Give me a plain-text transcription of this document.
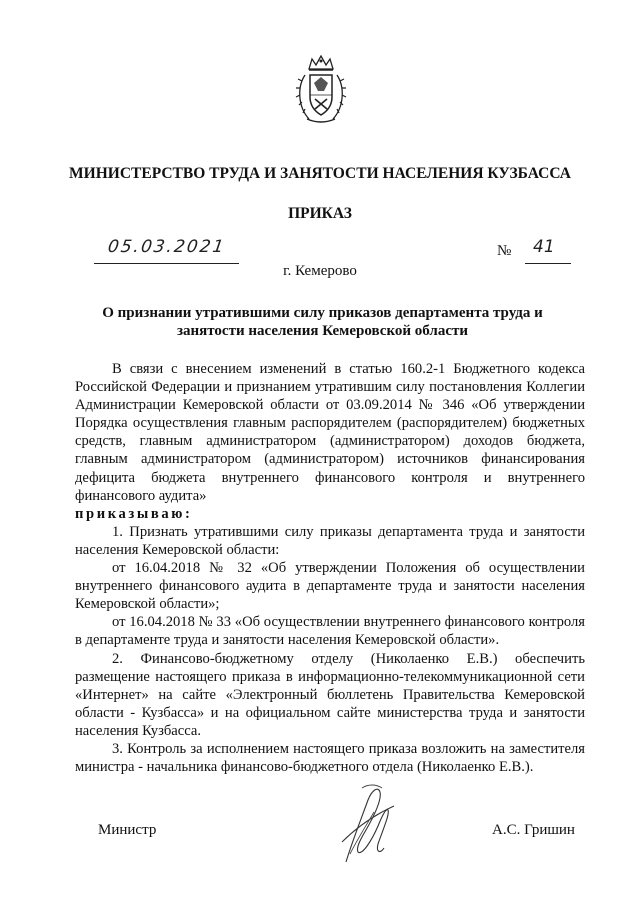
МИНИСТЕРСТВО ТРУДА И ЗАНЯТОСТИ НАСЕЛЕНИЯ КУЗБАССА
ПРИКАЗ
05.03.2021	№ 41
г. Кемерово
О признании утратившими силу приказов департамента труда и занятости населения Кемеровской области

В связи с внесением изменений в статью 160.2-1 Бюджетного кодекса Российской Федерации и признанием утратившим силу постановления Коллегии Администрации Кемеровской области от 03.09.2014 № 346 «Об утверждении Порядка осуществления главным распорядителем (распорядителем) бюджетных средств, главным администратором (администратором) доходов бюджета, главным администратором (администратором) источников финансирования дефицита бюджета внутреннего финансового контроля и внутреннего финансового аудита»

приказываю:

1. Признать утратившими силу приказы департамента труда и занятости населения Кемеровской области:

от 16.04.2018 № 32 «Об утверждении Положения об осуществлении внутреннего финансового аудита в департаменте труда и занятости населения Кемеровской области»;

от 16.04.2018 № 33 «Об осуществлении внутреннего финансового контроля в департаменте труда и занятости населения Кемеровской области».

2. Финансово-бюджетному отделу (Николаенко Е.В.) обеспечить размещение настоящего приказа в информационно-телекоммуникационной сети «Интернет» на сайте «Электронный бюллетень Правительства Кемеровской области - Кузбасса» и на официальном сайте министерства труда и занятости населения Кузбасса.

3. Контроль за исполнением настоящего приказа возложить на заместителя министра - начальника финансово-бюджетного отдела (Николаенко Е.В.).

Министр	А.С. Гришин
